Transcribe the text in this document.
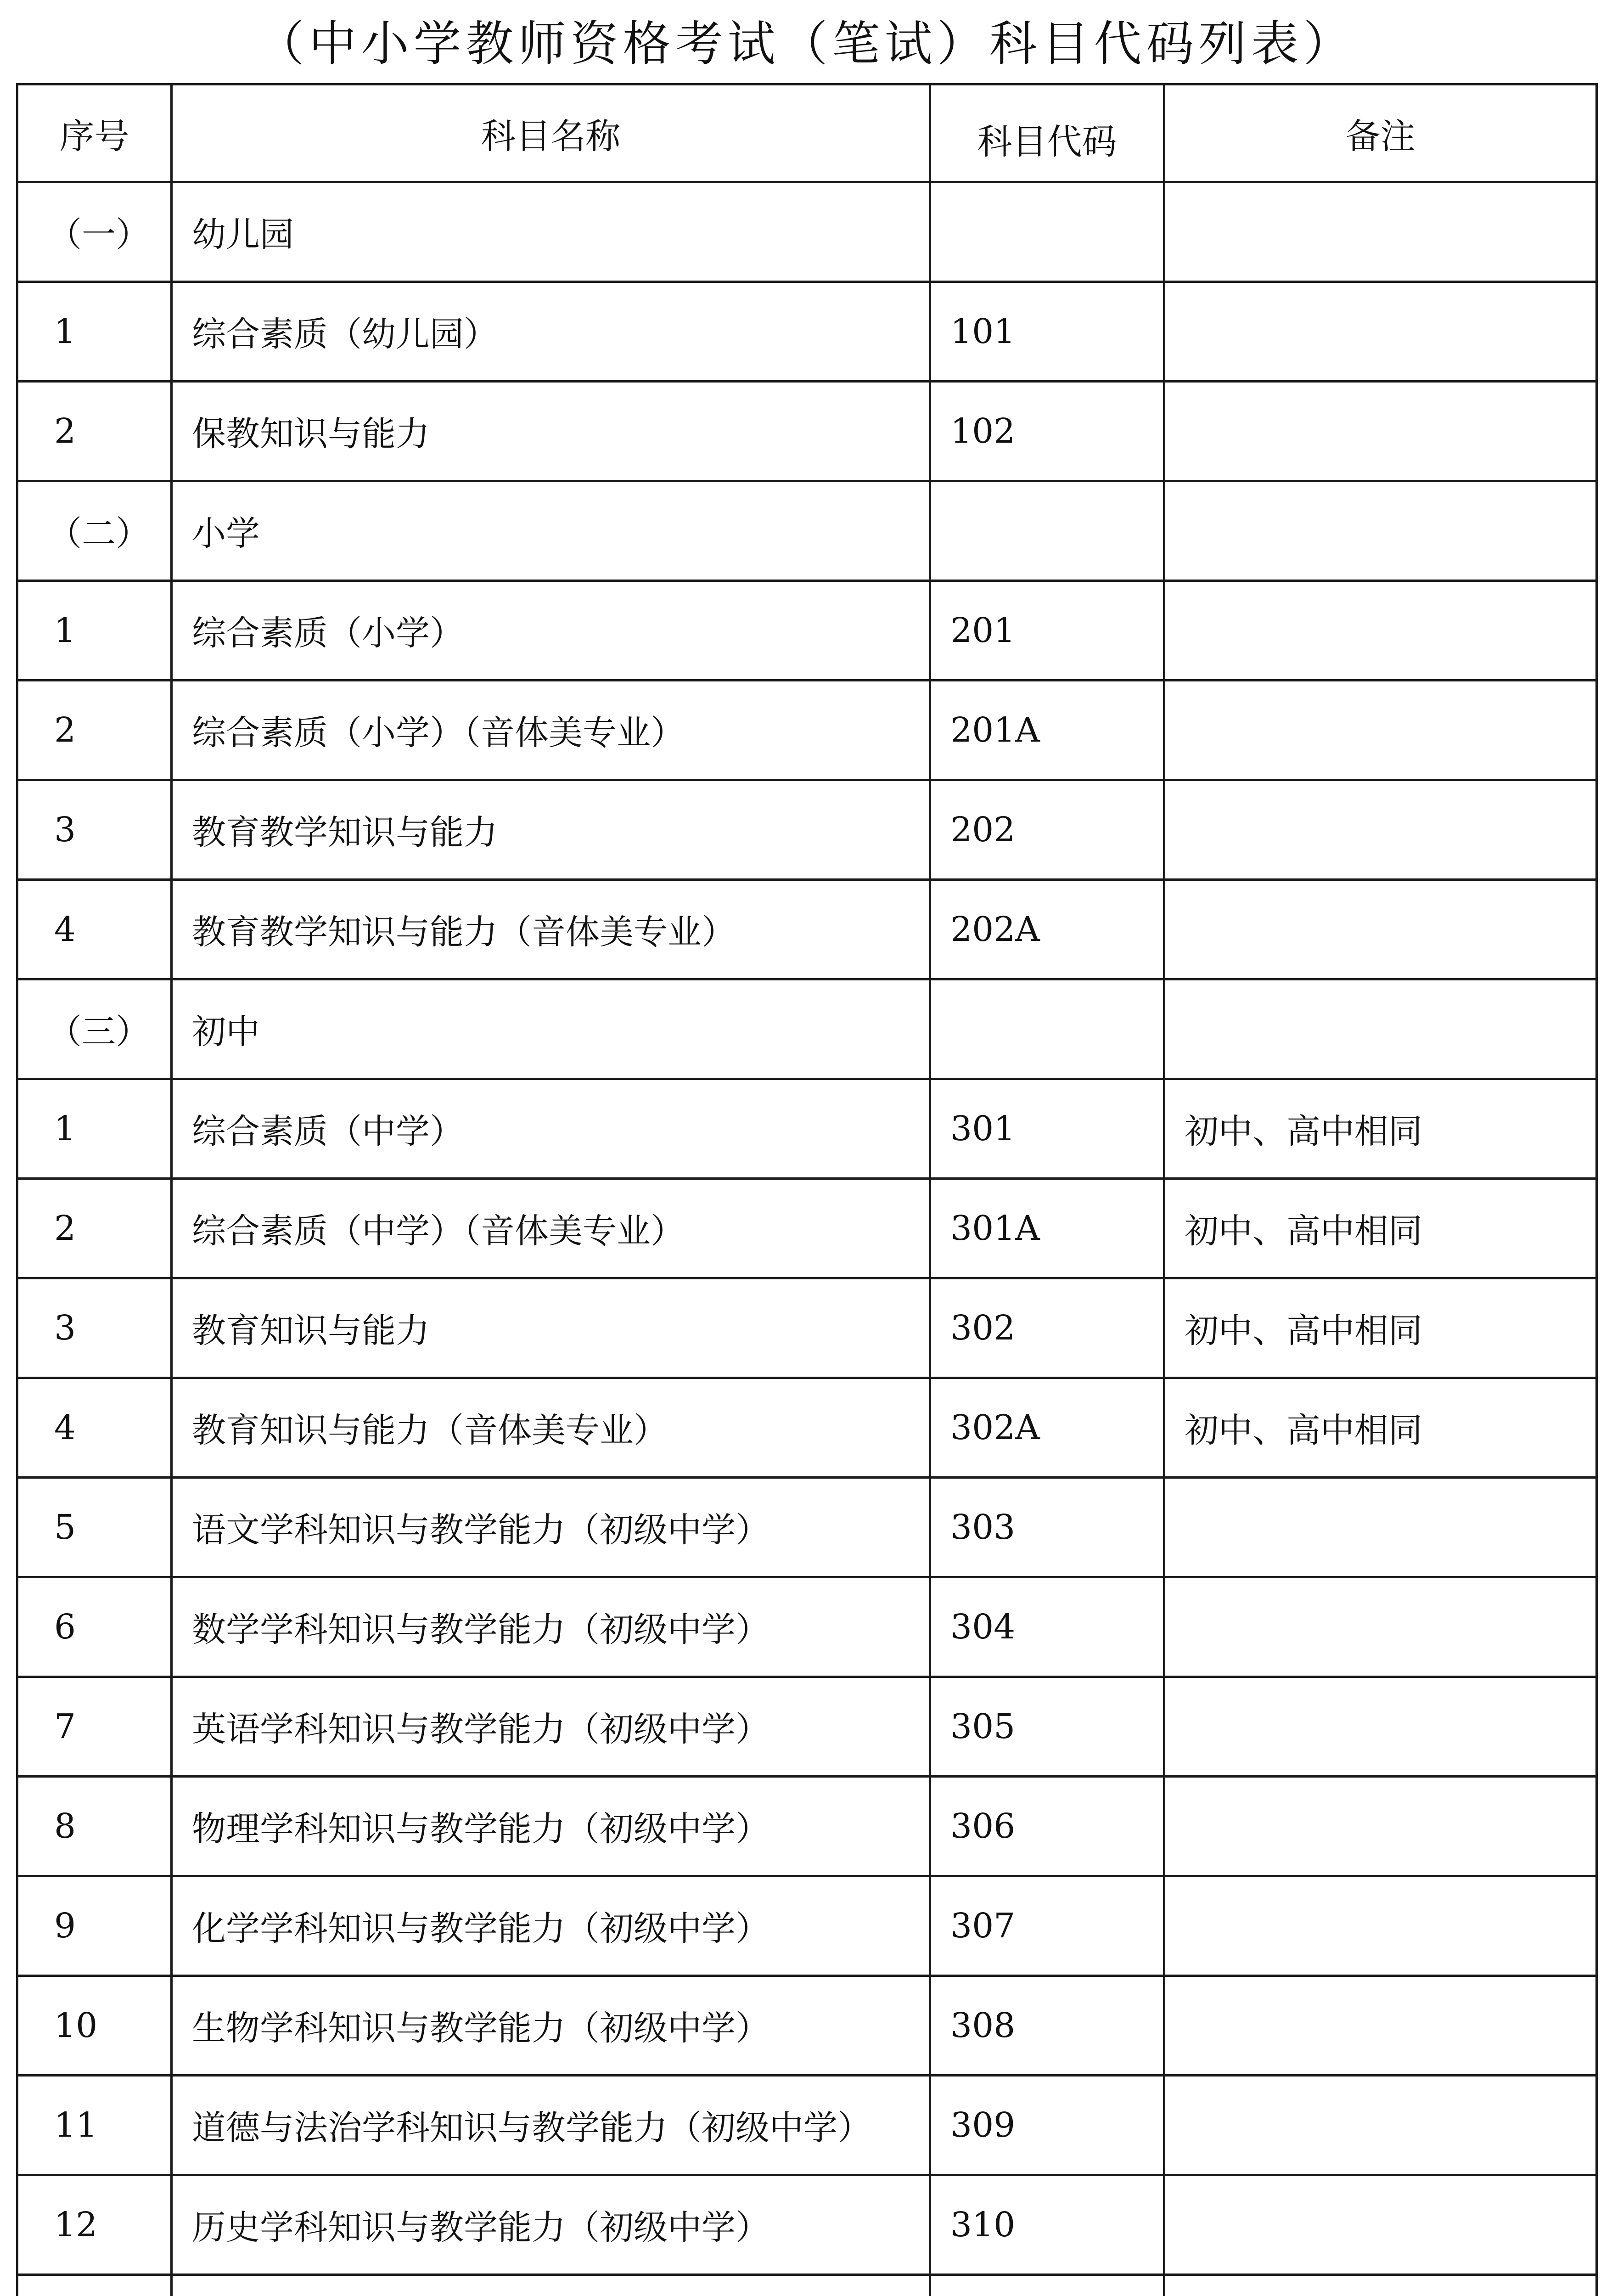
（中小学教师资格考试（笔试）科目代码列表）
序号	科目名称	科目代码	备注
（一）	幼儿园		
1	综合素质（幼儿园）	101	
2	保教知识与能力	102	
（二）	小学		
1	综合素质（小学）	201	
2	综合素质（小学）（音体美专业）	201A	
3	教育教学知识与能力	202	
4	教育教学知识与能力（音体美专业）	202A	
（三）	初中		
1	综合素质（中学）	301	初中、高中相同
2	综合素质（中学）（音体美专业）	301A	初中、高中相同
3	教育知识与能力	302	初中、高中相同
4	教育知识与能力（音体美专业）	302A	初中、高中相同
5	语文学科知识与教学能力（初级中学）	303	
6	数学学科知识与教学能力（初级中学）	304	
7	英语学科知识与教学能力（初级中学）	305	
8	物理学科知识与教学能力（初级中学）	306	
9	化学学科知识与教学能力（初级中学）	307	
10	生物学科知识与教学能力（初级中学）	308	
11	道德与法治学科知识与教学能力（初级中学）	309	
12	历史学科知识与教学能力（初级中学）	310	
